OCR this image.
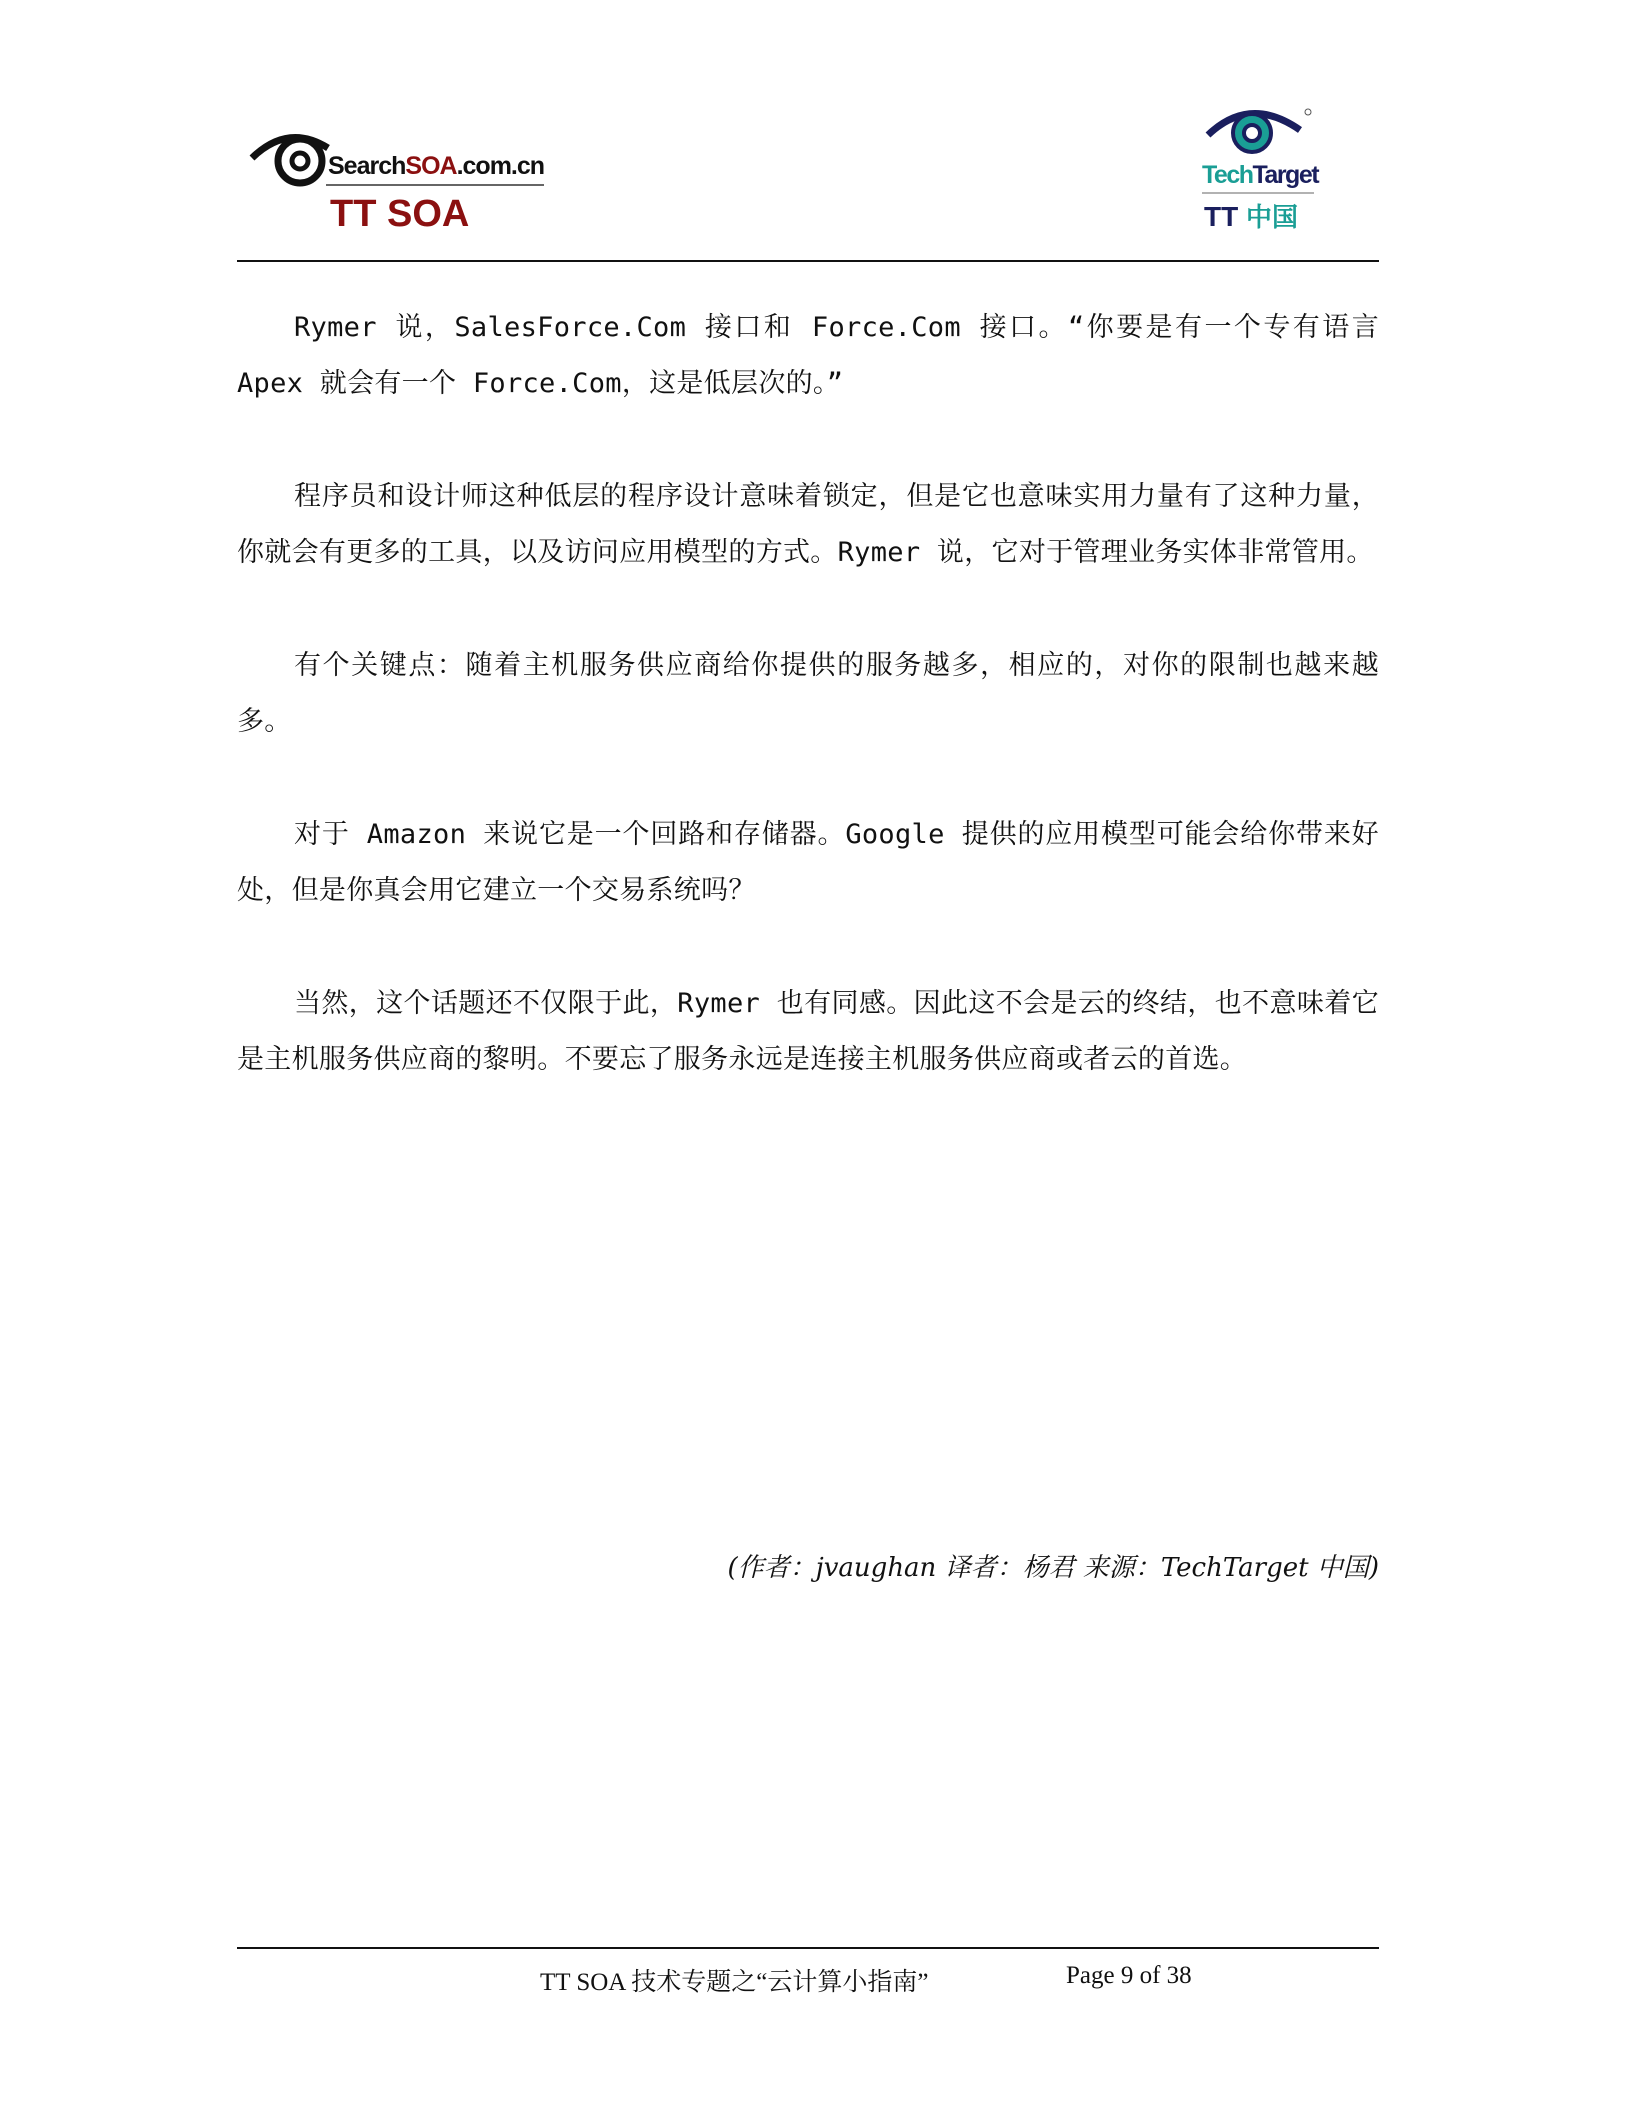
SearchSOA.com.cn
TT SOA
TechTarget
TT 中国

Rymer 说，SalesForce.Com 接口和 Force.Com 接口。“你要是有一个专有语言 Apex 就会有一个 Force.Com，这是低层次的。”

程序员和设计师这种低层的程序设计意味着锁定，但是它也意味实用力量有了这种力量，你就会有更多的工具，以及访问应用模型的方式。Rymer 说，它对于管理业务实体非常管用。

有个关键点：随着主机服务供应商给你提供的服务越多，相应的，对你的限制也越来越多。

对于 Amazon 来说它是一个回路和存储器。Google 提供的应用模型可能会给你带来好处，但是你真会用它建立一个交易系统吗？

当然，这个话题还不仅限于此，Rymer 也有同感。因此这不会是云的终结，也不意味着它是主机服务供应商的黎明。不要忘了服务永远是连接主机服务供应商或者云的首选。

(作者：jvaughan 译者：杨君 来源：TechTarget 中国)
TT SOA 技术专题之“云计算小指南”	Page 9 of 38
